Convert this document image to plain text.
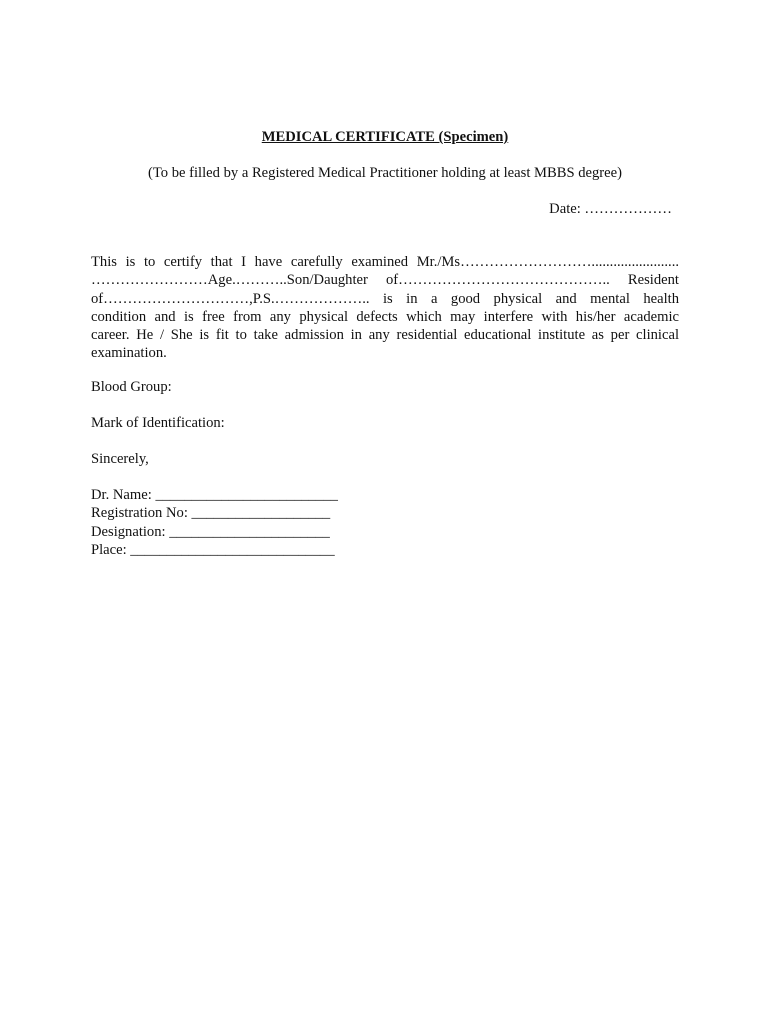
MEDICAL CERTIFICATE (Specimen)
(To be filled by a Registered Medical Practitioner holding at least MBBS degree)
Date: ………………
This is to certify that I have carefully examined Mr./Ms………………………........................
……………………Age.………..Son/Daughter of…………………………………….. Resident
of…………………………,P.S.……………….. is in a good physical and mental health
condition and is free from any physical defects which may interfere with his/her academic
career. He / She is fit to take admission in any residential educational institute as per clinical
examination.
Blood Group:
Mark of Identification:
Sincerely,
Dr. Name: _________________________
Registration No: ___________________
Designation: ______________________
Place: ____________________________
